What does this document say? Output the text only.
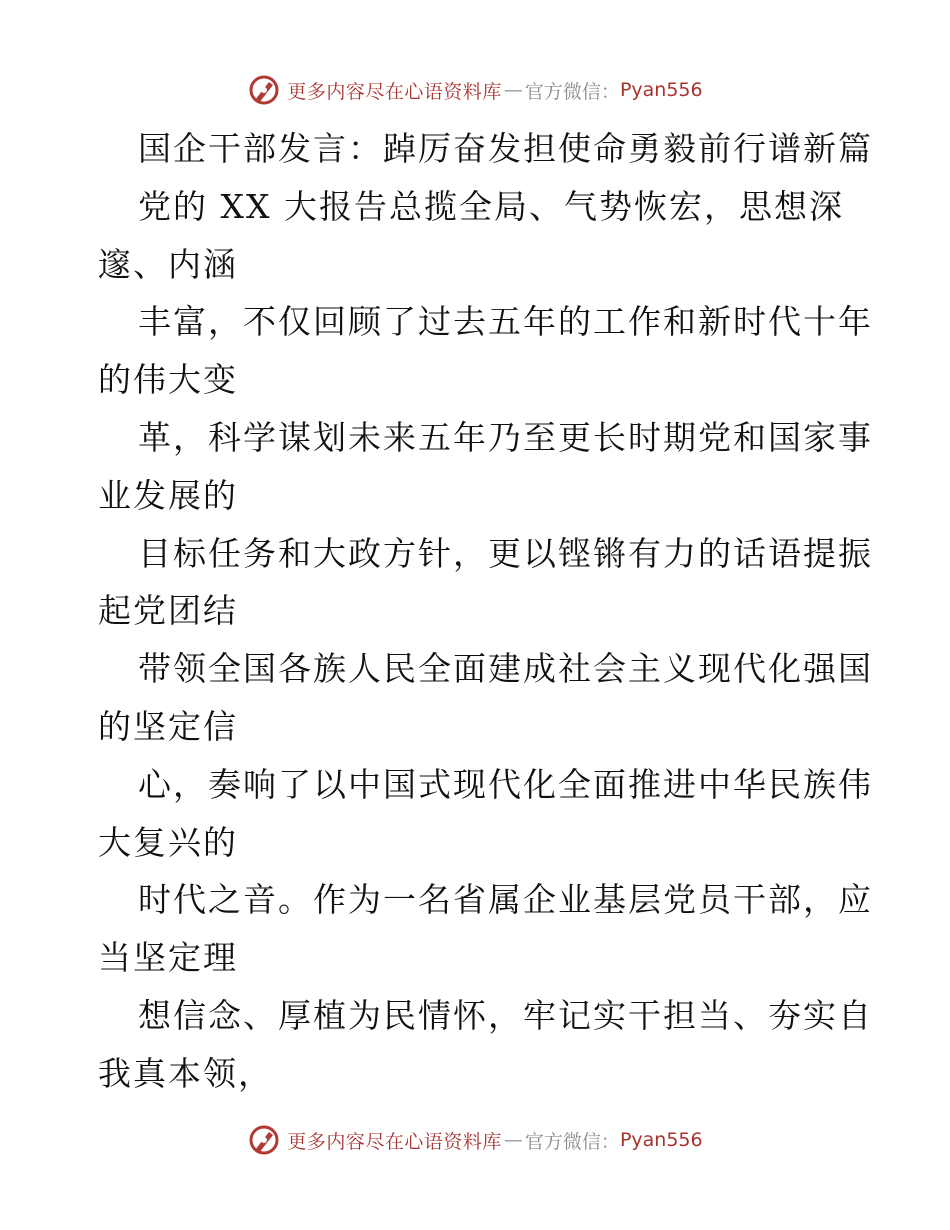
更多内容尽在心语资料库 — 官方微信： Pyan556
国企干部发言：踔厉奋发担使命勇毅前行谱新篇
党的 XX 大报告总揽全局、气势恢宏，思想深
邃、内涵
丰富，不仅回顾了过去五年的工作和新时代十年
的伟大变
革，科学谋划未来五年乃至更长时期党和国家事
业发展的
目标任务和大政方针，更以铿锵有力的话语提振
起党团结
带领全国各族人民全面建成社会主义现代化强国
的坚定信
心，奏响了以中国式现代化全面推进中华民族伟
大复兴的
时代之音。作为一名省属企业基层党员干部，应
当坚定理
想信念、厚植为民情怀，牢记实干担当、夯实自
我真本领，
更多内容尽在心语资料库 — 官方微信： Pyan556
